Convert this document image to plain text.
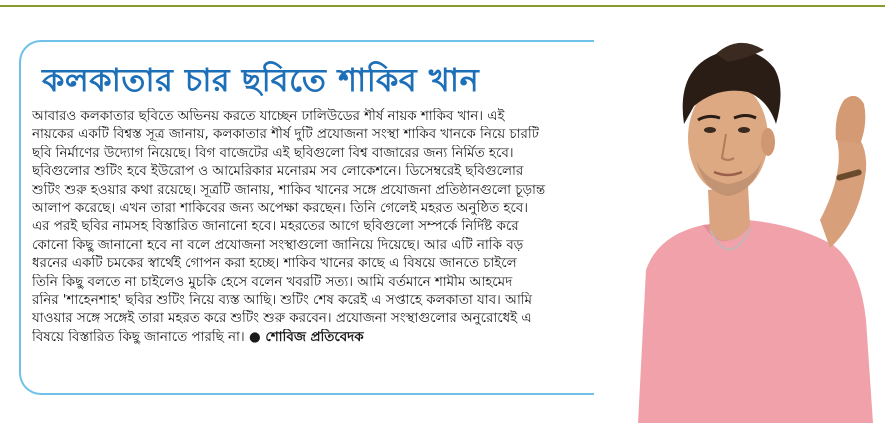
কলকাতার চার ছবিতে শাকিব খান
আবারও কলকাতার ছবিতে অভিনয় করতে যাচ্ছেন ঢালিউডের শীর্ষ নায়ক শাকিব খান। এই
নায়কের একটি বিশ্বস্ত সূত্র জানায়, কলকাতার শীর্ষ দুটি প্রযোজনা সংস্থা শাকিব খানকে নিয়ে চারটি
ছবি নির্মাণের উদ্যোগ নিয়েছে। বিগ বাজেটের এই ছবিগুলো বিশ্ব বাজারের জন্য নির্মিত হবে।
ছবিগুলোর শুটিং হবে ইউরোপ ও আমেরিকার মনোরম সব লোকেশনে। ডিসেম্বরেই ছবিগুলোর
শুটিং শুরু হওয়ার কথা রয়েছে। সূত্রটি জানায়, শাকিব খানের সঙ্গে প্রযোজনা প্রতিষ্ঠানগুলো চূড়ান্ত
আলাপ করেছে। এখন তারা শাকিবের জন্য অপেক্ষা করছেন। তিনি গেলেই মহরত অনুষ্ঠিত হবে।
এর পরই ছবির নামসহ বিস্তারিত জানানো হবে। মহরতের আগে ছবিগুলো সম্পর্কে নির্দিষ্ট করে
কোনো কিছু জানানো হবে না বলে প্রযোজনা সংস্থাগুলো জানিয়ে দিয়েছে। আর এটি নাকি বড়
ধরনের একটি চমকের স্বার্থেই গোপন করা হচ্ছে। শাকিব খানের কাছে এ বিষয়ে জানতে চাইলে
তিনি কিছু বলতে না চাইলেও মুচকি হেসে বলেন খবরটি সত্য। আমি বর্তমানে শামীম আহমেদ
রনির 'শাহেনশাহ' ছবির শুটিং নিয়ে ব্যস্ত আছি। শুটিং শেষ করেই এ সপ্তাহে কলকাতা যাব। আমি
যাওয়ার সঙ্গে সঙ্গেই তারা মহরত করে শুটিং শুরু করবেন। প্রযোজনা সংস্থাগুলোর অনুরোধেই এ
বিষয়ে বিস্তারিত কিছু জানাতে পারছি না। ● শোবিজ প্রতিবেদক
